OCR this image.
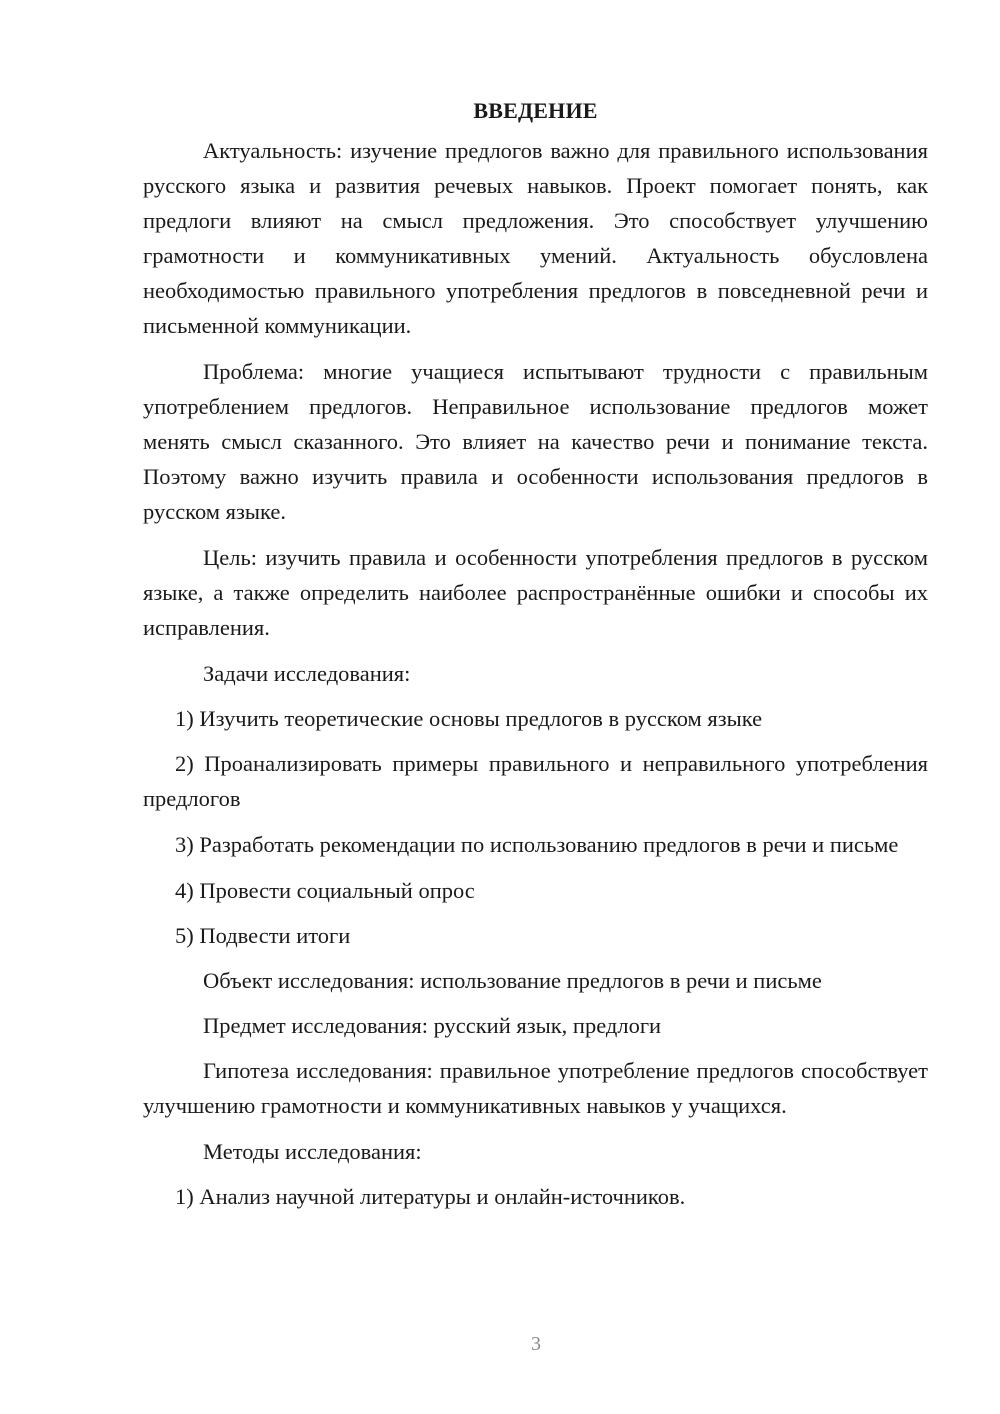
ВВЕДЕНИЕ

Актуальность: изучение предлогов важно для правильного использования русского языка и развития речевых навыков. Проект помогает понять, как предлоги влияют на смысл предложения. Это способствует улучшению грамотности и коммуникативных умений. Актуальность обусловлена необходимостью правильного употребления предлогов в повседневной речи и письменной коммуникации.

Проблема: многие учащиеся испытывают трудности с правильным употреблением предлогов. Неправильное использование предлогов может менять смысл сказанного. Это влияет на качество речи и понимание текста. Поэтому важно изучить правила и особенности использования предлогов в русском языке.

Цель: изучить правила и особенности употребления предлогов в русском языке, а также определить наиболее распространённые ошибки и способы их исправления.

Задачи исследования:

1) Изучить теоретические основы предлогов в русском языке

2) Проанализировать примеры правильного и неправильного употребления предлогов

3) Разработать рекомендации по использованию предлогов в речи и письме

4) Провести социальный опрос

5) Подвести итоги

Объект исследования: использование предлогов в речи и письме

Предмет исследования: русский язык, предлоги

Гипотеза исследования: правильное употребление предлогов способствует улучшению грамотности и коммуникативных навыков у учащихся.

Методы исследования:

1) Анализ научной литературы и онлайн-источников.

3
